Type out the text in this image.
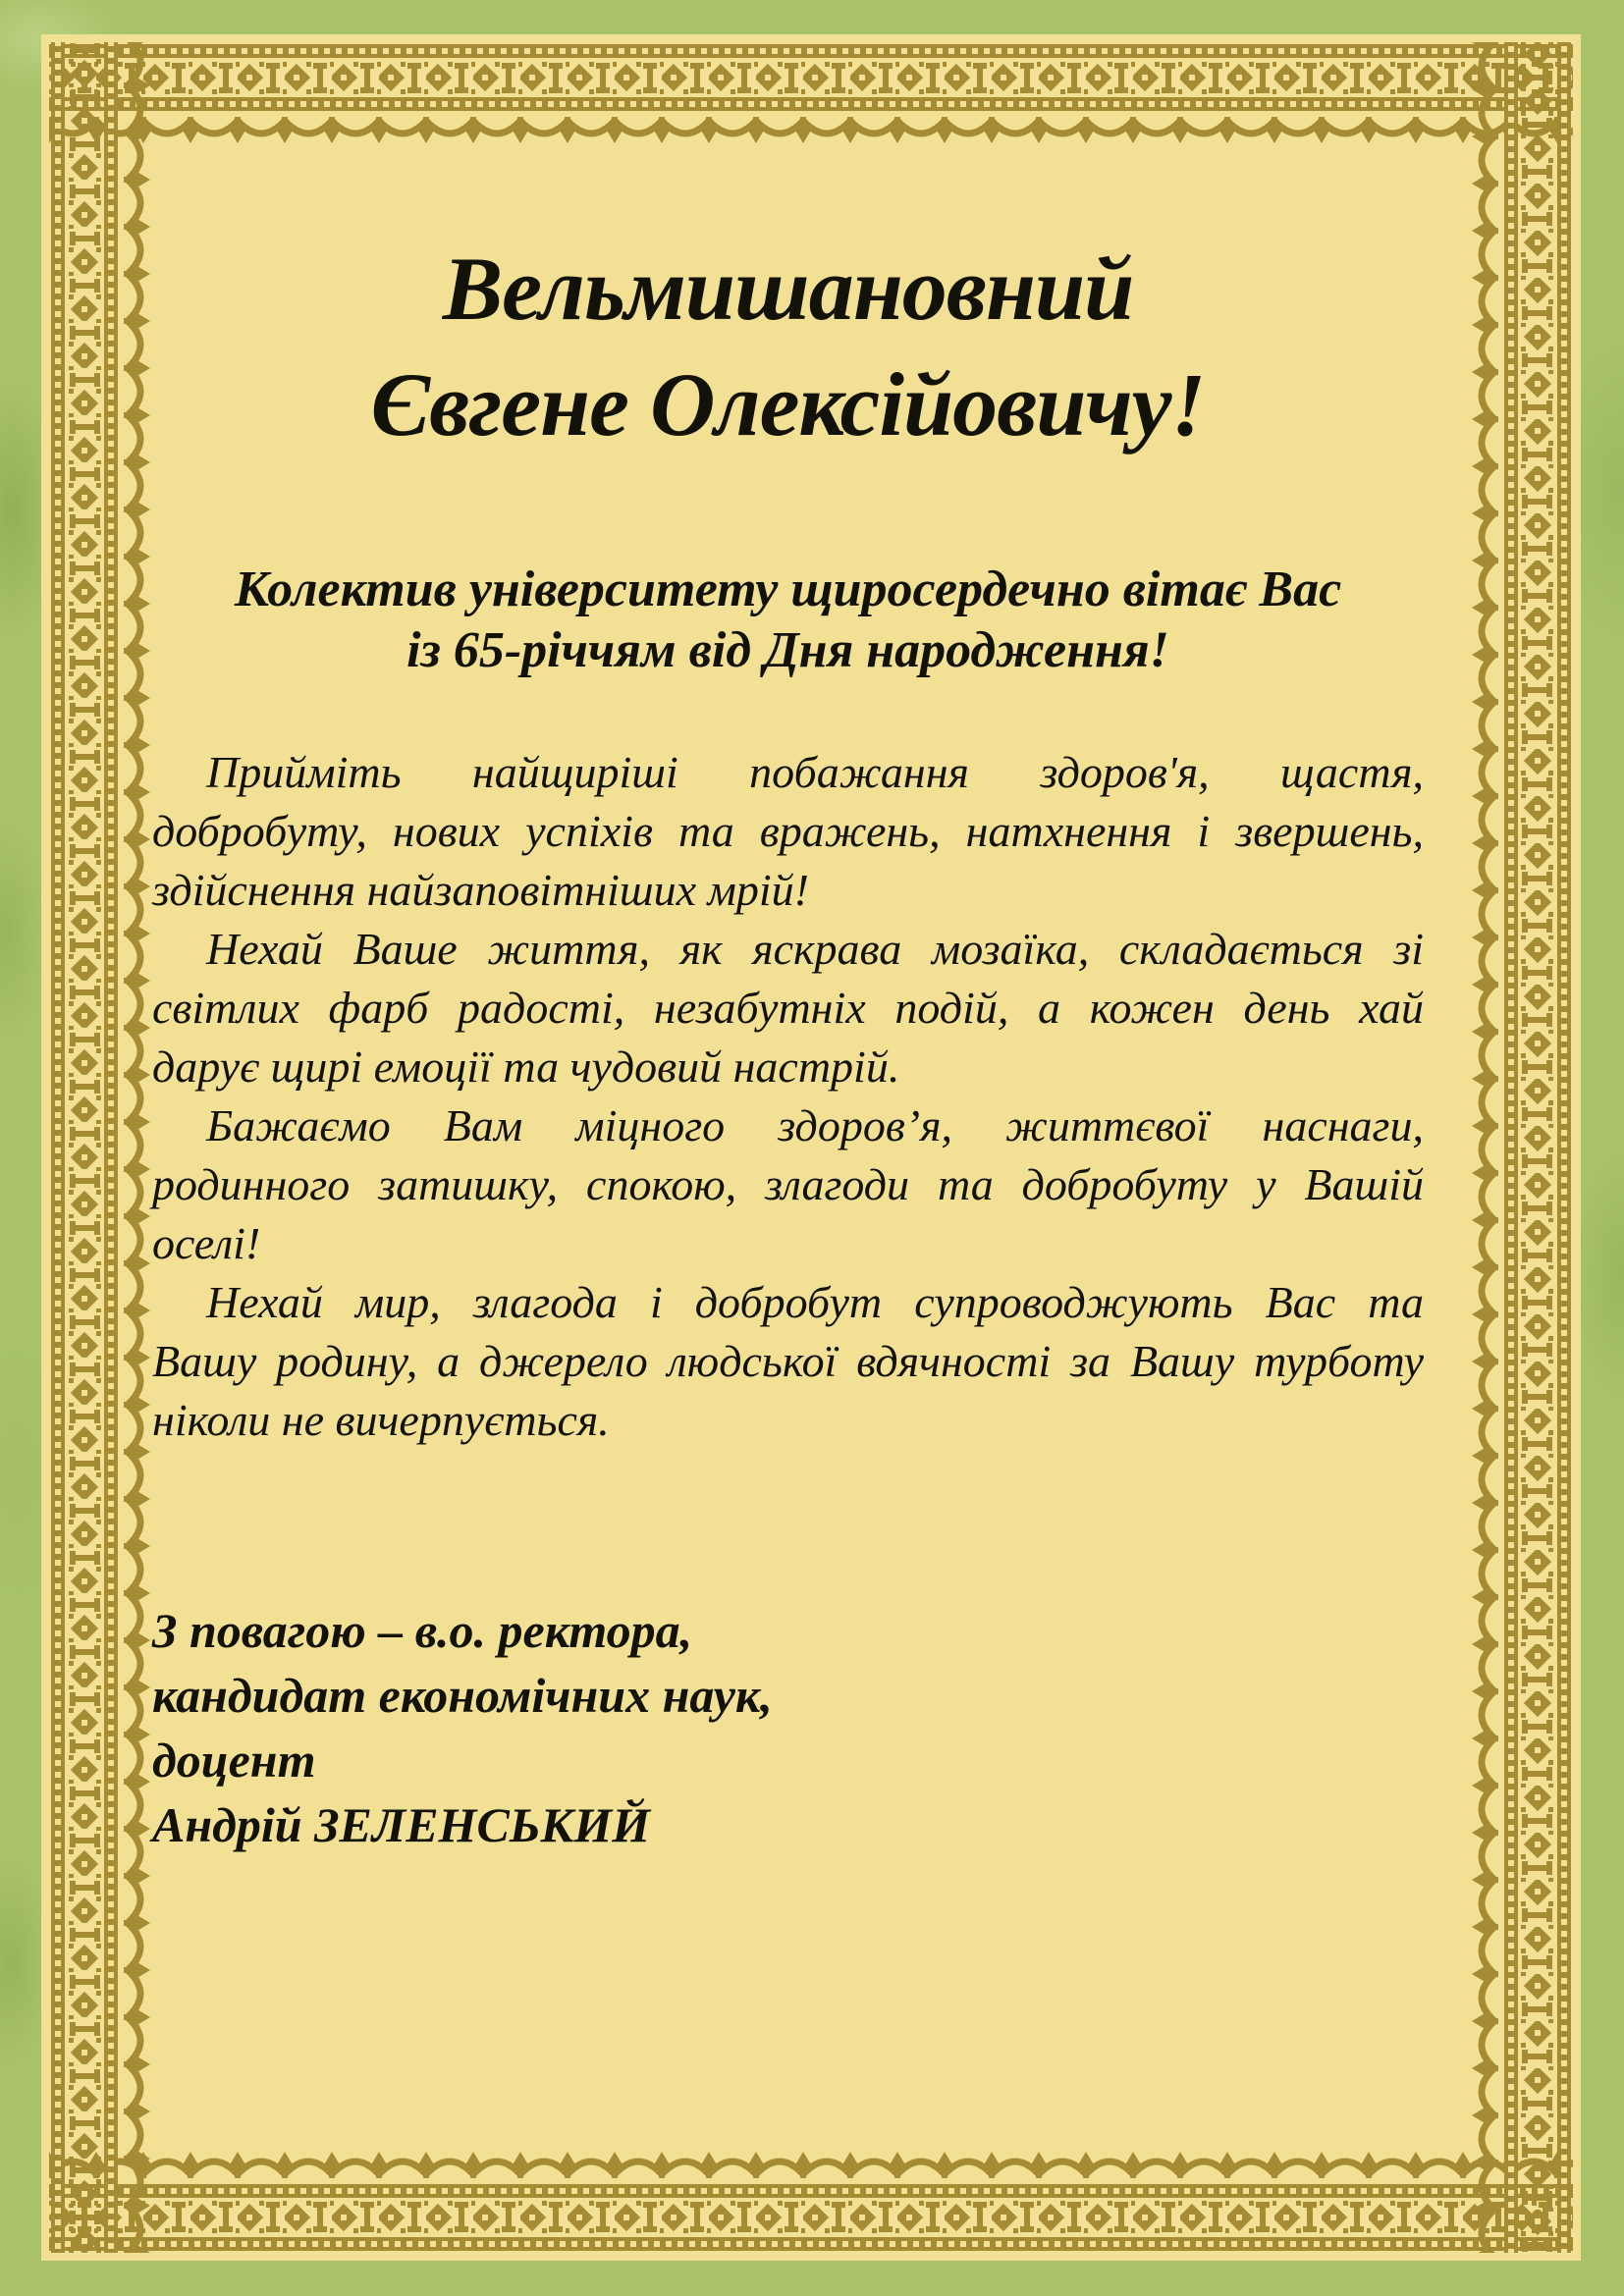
Вельмишановний
Євгене Олексійовичу!
Колектив університету щиросердечно вітає Вас
із 65-річчям від Дня народження!
Прийміть найщиріші побажання здоров'я, щастя,
добробуту, нових успіхів та вражень, натхнення і звершень,
здійснення найзаповітніших мрій!
Нехай Ваше життя, як яскрава мозаїка, складається зі
світлих фарб радості, незабутніх подій, а кожен день хай
дарує щирі емоції та чудовий настрій.
Бажаємо Вам міцного здоров’я, життєвої наснаги,
родинного затишку, спокою, злагоди та добробуту у Вашій
оселі!
Нехай мир, злагода і добробут супроводжують Вас та
Вашу родину, а джерело людської вдячності за Вашу турботу
ніколи не вичерпується.
З повагою – в.о. ректора,
кандидат економічних наук,
доцент
Андрій ЗЕЛЕНСЬКИЙ
